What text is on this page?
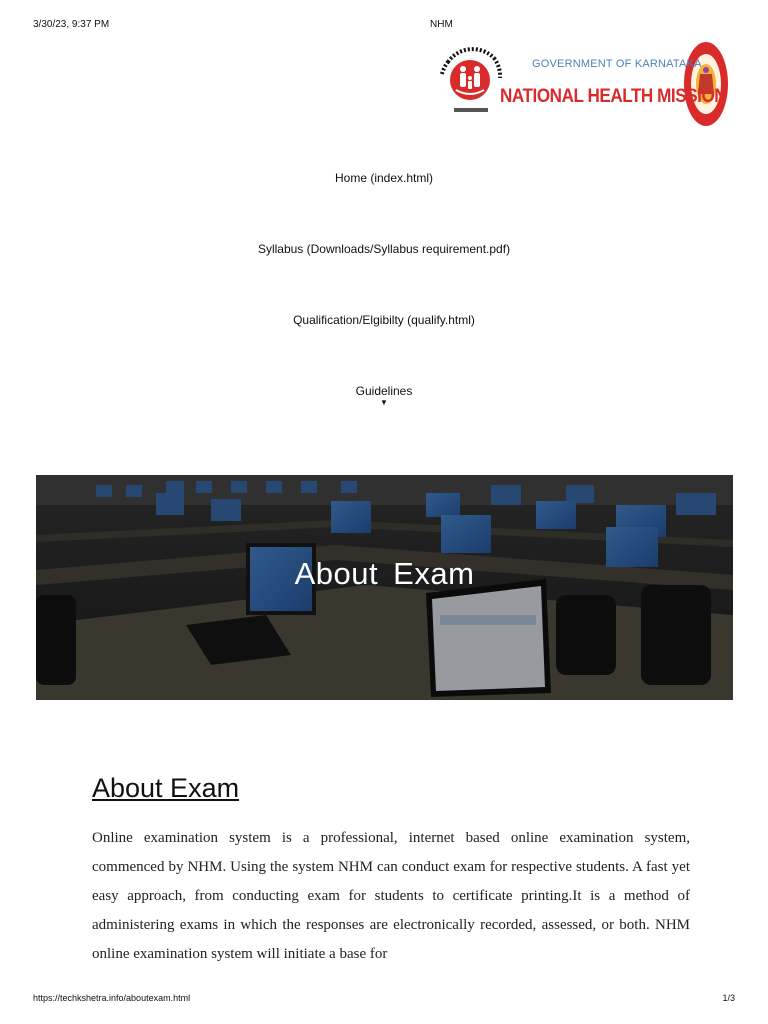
3/30/23, 9:37 PM	NHM
GOVERNMENT OF KARNATAKA
NATIONAL HEALTH MISSION
Home (index.html)
Syllabus (Downloads/Syllabus requirement.pdf)
Qualification/Elgibilty (qualify.html)
Guidelines
▼
About Exam
About Exam
Online examination system is a professional, internet based online examination system, commenced by NHM. Using the system NHM can conduct exam for respective students. A fast yet easy approach, from conducting exam for students to certificate printing.It is a method of administering exams in which the responses are electronically recorded, assessed, or both. NHM online examination system will initiate a base for
https://techkshetra.info/aboutexam.html	1/3
